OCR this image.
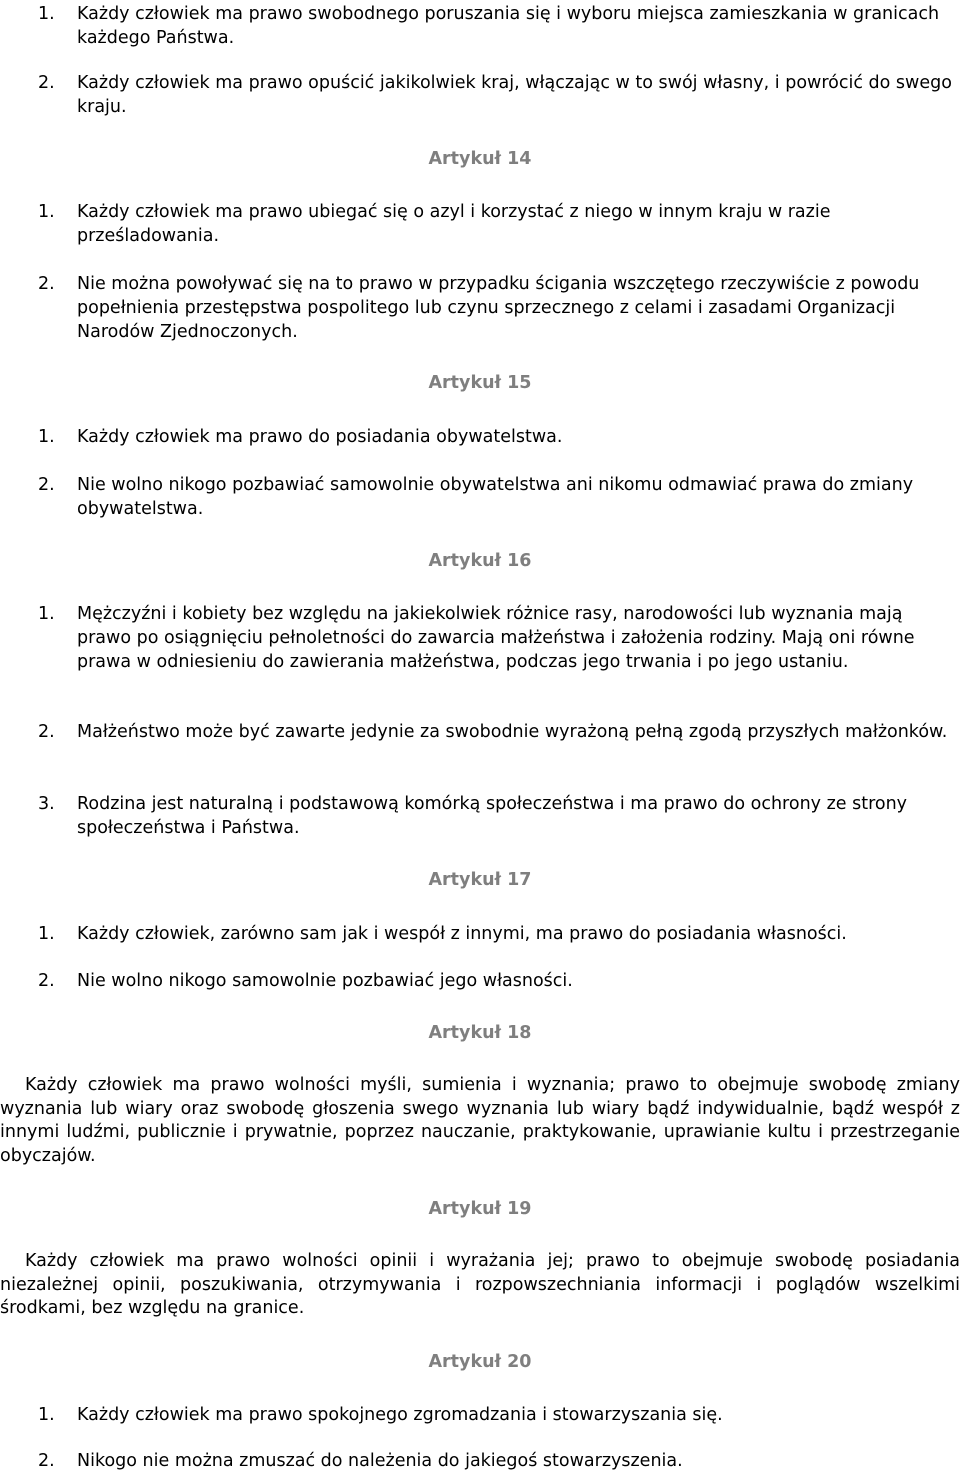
1. Każdy człowiek ma prawo swobodnego poruszania się i wyboru miejsca zamieszkania w granicach każdego Państwa.
2. Każdy człowiek ma prawo opuścić jakikolwiek kraj, włączając w to swój własny, i powrócić do swego kraju.
Artykuł 14
1. Każdy człowiek ma prawo ubiegać się o azyl i korzystać z niego w innym kraju w razie prześladowania.
2. Nie można powoływać się na to prawo w przypadku ścigania wszczętego rzeczywiście z powodu popełnienia przestępstwa pospolitego lub czynu sprzecznego z celami i zasadami Organizacji Narodów Zjednoczonych.
Artykuł 15
1. Każdy człowiek ma prawo do posiadania obywatelstwa.
2. Nie wolno nikogo pozbawiać samowolnie obywatelstwa ani nikomu odmawiać prawa do zmiany obywatelstwa.
Artykuł 16
1. Mężczyźni i kobiety bez względu na jakiekolwiek różnice rasy, narodowości lub wyznania mają prawo po osiągnięciu pełnoletności do zawarcia małżeństwa i założenia rodziny. Mają oni równe prawa w odniesieniu do zawierania małżeństwa, podczas jego trwania i po jego ustaniu.
2. Małżeństwo może być zawarte jedynie za swobodnie wyrażoną pełną zgodą przyszłych małżonków.
3. Rodzina jest naturalną i podstawową komórką społeczeństwa i ma prawo do ochrony ze strony społeczeństwa i Państwa.
Artykuł 17
1. Każdy człowiek, zarówno sam jak i wespół z innymi, ma prawo do posiadania własności.
2. Nie wolno nikogo samowolnie pozbawiać jego własności.
Artykuł 18
Każdy człowiek ma prawo wolności myśli, sumienia i wyznania; prawo to obejmuje swobodę zmiany wyznania lub wiary oraz swobodę głoszenia swego wyznania lub wiary bądź indywidualnie, bądź wespół z innymi ludźmi, publicznie i prywatnie, poprzez nauczanie, praktykowanie, uprawianie kultu i przestrzeganie obyczajów.
Artykuł 19
Każdy człowiek ma prawo wolności opinii i wyrażania jej; prawo to obejmuje swobodę posiadania niezależnej opinii, poszukiwania, otrzymywania i rozpowszechniania informacji i poglądów wszelkimi środkami, bez względu na granice.
Artykuł 20
1. Każdy człowiek ma prawo spokojnego zgromadzania i stowarzyszania się.
2. Nikogo nie można zmuszać do należenia do jakiegoś stowarzyszenia.
